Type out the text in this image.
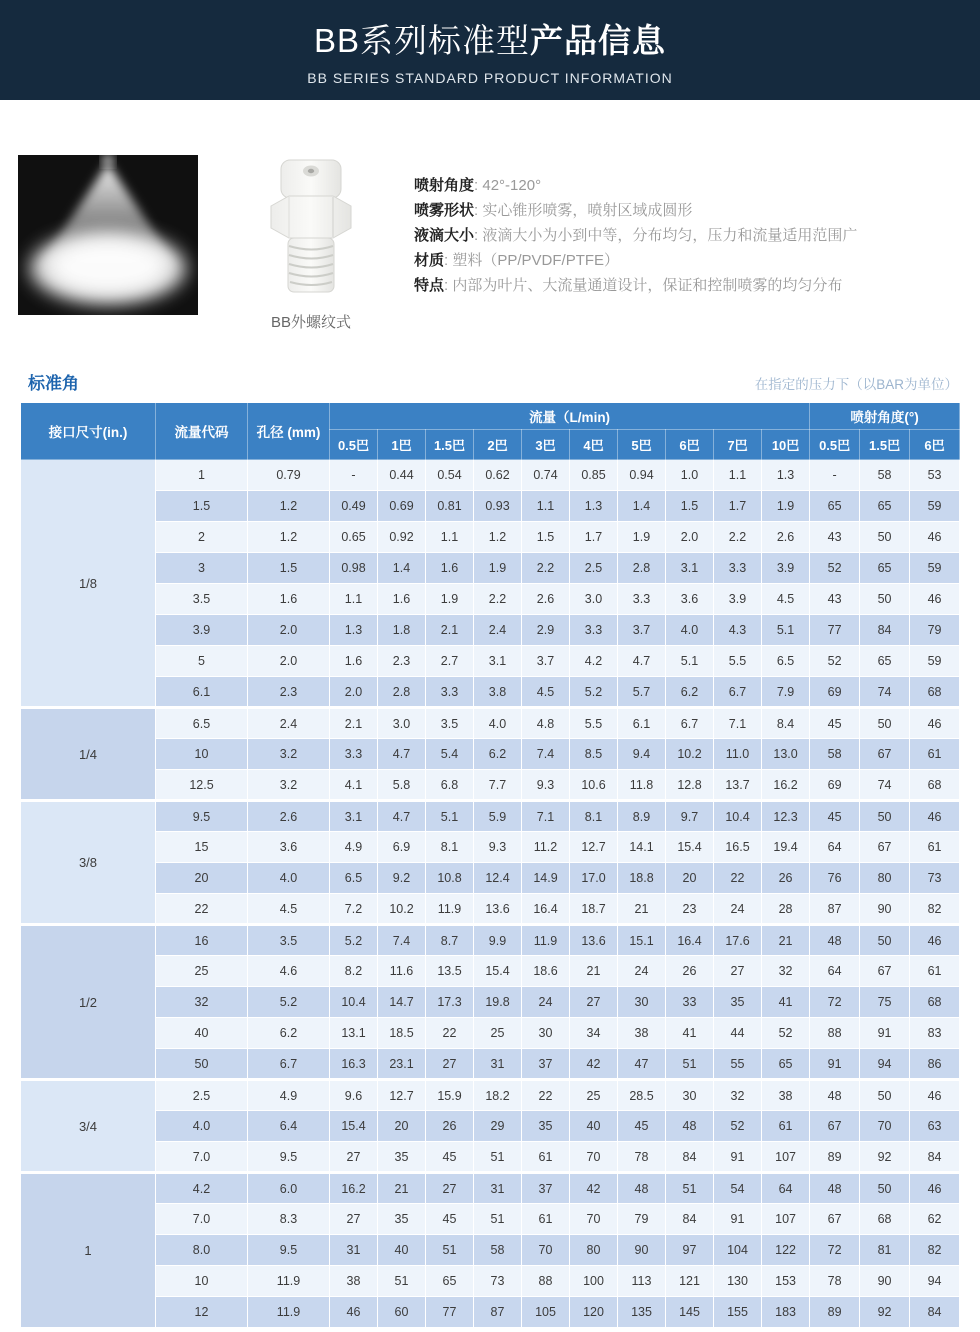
BB系列标准型产品信息
BB SERIES STANDARD PRODUCT INFORMATION
BB外螺纹式
喷射角度: 42°-120°
喷雾形状: 实心锥形喷雾，喷射区域成圆形
液滴大小: 液滴大小为小到中等，分布均匀，压力和流量适用范围广
材质: 塑料（PP/PVDF/PTFE）
特点: 内部为叶片、大流量通道设计，保证和控制喷雾的均匀分布
标准角	在指定的压力下（以BAR为单位）
接口尺寸(in.)	流量代码	孔径 (mm)	流量（L/min)										喷射角度(°)		
			0.5巴	1巴	1.5巴	2巴	3巴	4巴	5巴	6巴	7巴	10巴	0.5巴	1.5巴	6巴
1/8	1	0.79	-	0.44	0.54	0.62	0.74	0.85	0.94	1.0	1.1	1.3	-	58	53
	1.5	1.2	0.49	0.69	0.81	0.93	1.1	1.3	1.4	1.5	1.7	1.9	65	65	59
	2	1.2	0.65	0.92	1.1	1.2	1.5	1.7	1.9	2.0	2.2	2.6	43	50	46
	3	1.5	0.98	1.4	1.6	1.9	2.2	2.5	2.8	3.1	3.3	3.9	52	65	59
	3.5	1.6	1.1	1.6	1.9	2.2	2.6	3.0	3.3	3.6	3.9	4.5	43	50	46
	3.9	2.0	1.3	1.8	2.1	2.4	2.9	3.3	3.7	4.0	4.3	5.1	77	84	79
	5	2.0	1.6	2.3	2.7	3.1	3.7	4.2	4.7	5.1	5.5	6.5	52	65	59
	6.1	2.3	2.0	2.8	3.3	3.8	4.5	5.2	5.7	6.2	6.7	7.9	69	74	68
1/4	6.5	2.4	2.1	3.0	3.5	4.0	4.8	5.5	6.1	6.7	7.1	8.4	45	50	46
	10	3.2	3.3	4.7	5.4	6.2	7.4	8.5	9.4	10.2	11.0	13.0	58	67	61
	12.5	3.2	4.1	5.8	6.8	7.7	9.3	10.6	11.8	12.8	13.7	16.2	69	74	68
3/8	9.5	2.6	3.1	4.7	5.1	5.9	7.1	8.1	8.9	9.7	10.4	12.3	45	50	46
	15	3.6	4.9	6.9	8.1	9.3	11.2	12.7	14.1	15.4	16.5	19.4	64	67	61
	20	4.0	6.5	9.2	10.8	12.4	14.9	17.0	18.8	20	22	26	76	80	73
	22	4.5	7.2	10.2	11.9	13.6	16.4	18.7	21	23	24	28	87	90	82
1/2	16	3.5	5.2	7.4	8.7	9.9	11.9	13.6	15.1	16.4	17.6	21	48	50	46
	25	4.6	8.2	11.6	13.5	15.4	18.6	21	24	26	27	32	64	67	61
	32	5.2	10.4	14.7	17.3	19.8	24	27	30	33	35	41	72	75	68
	40	6.2	13.1	18.5	22	25	30	34	38	41	44	52	88	91	83
	50	6.7	16.3	23.1	27	31	37	42	47	51	55	65	91	94	86
3/4	2.5	4.9	9.6	12.7	15.9	18.2	22	25	28.5	30	32	38	48	50	46
	4.0	6.4	15.4	20	26	29	35	40	45	48	52	61	67	70	63
	7.0	9.5	27	35	45	51	61	70	78	84	91	107	89	92	84
1	4.2	6.0	16.2	21	27	31	37	42	48	51	54	64	48	50	46
	7.0	8.3	27	35	45	51	61	70	79	84	91	107	67	68	62
	8.0	9.5	31	40	51	58	70	80	90	97	104	122	72	81	82
	10	11.9	38	51	65	73	88	100	113	121	130	153	78	90	94
	12	11.9	46	60	77	87	105	120	135	145	155	183	89	92	84
